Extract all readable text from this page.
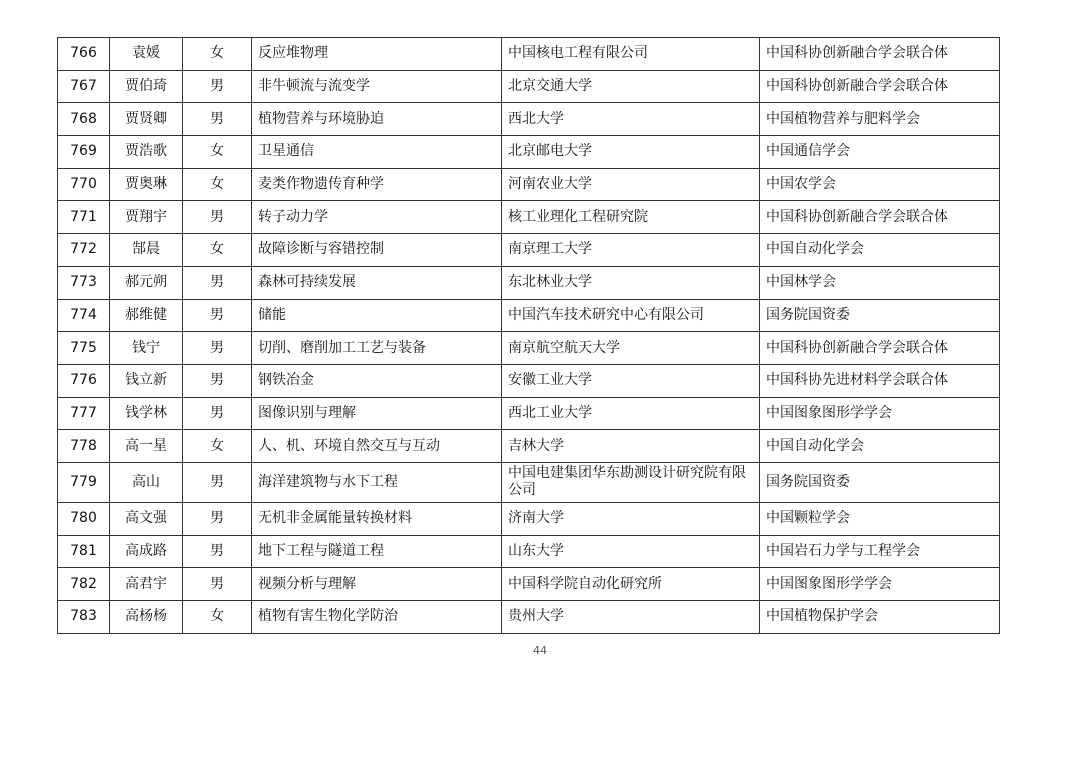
766	袁媛	女	反应堆物理	中国核电工程有限公司	中国科协创新融合学会联合体
767	贾伯琦	男	非牛顿流与流变学	北京交通大学	中国科协创新融合学会联合体
768	贾贤卿	男	植物营养与环境胁迫	西北大学	中国植物营养与肥料学会
769	贾浩歌	女	卫星通信	北京邮电大学	中国通信学会
770	贾奥琳	女	麦类作物遗传育种学	河南农业大学	中国农学会
771	贾翔宇	男	转子动力学	核工业理化工程研究院	中国科协创新融合学会联合体
772	郜晨	女	故障诊断与容错控制	南京理工大学	中国自动化学会
773	郝元朔	男	森林可持续发展	东北林业大学	中国林学会
774	郝维健	男	储能	中国汽车技术研究中心有限公司	国务院国资委
775	钱宁	男	切削、磨削加工工艺与装备	南京航空航天大学	中国科协创新融合学会联合体
776	钱立新	男	钢铁冶金	安徽工业大学	中国科协先进材料学会联合体
777	钱学林	男	图像识别与理解	西北工业大学	中国图象图形学学会
778	高一星	女	人、机、环境自然交互与互动	吉林大学	中国自动化学会
779	高山	男	海洋建筑物与水下工程	中国电建集团华东勘测设计研究院有限公司	国务院国资委
780	高文强	男	无机非金属能量转换材料	济南大学	中国颗粒学会
781	高成路	男	地下工程与隧道工程	山东大学	中国岩石力学与工程学会
782	高君宇	男	视频分析与理解	中国科学院自动化研究所	中国图象图形学学会
783	高杨杨	女	植物有害生物化学防治	贵州大学	中国植物保护学会
44
